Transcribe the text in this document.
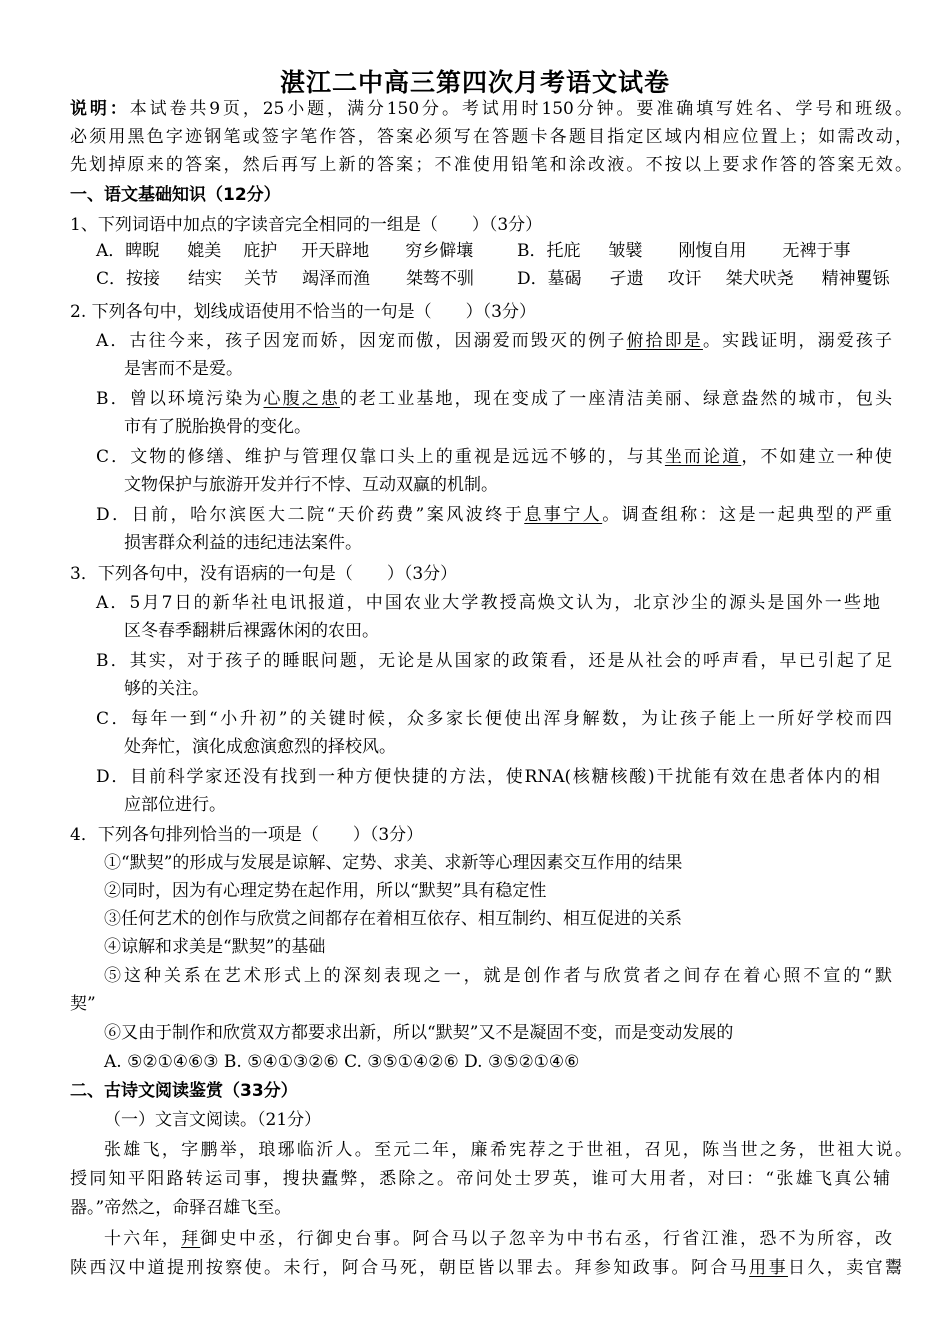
湛江二中高三第四次月考语文试卷
说明：本试卷共9页，25小题，满分150分。考试用时150分钟。要准确填写姓名、学号和班级。
必须用黑色字迹钢笔或签字笔作答，答案必须写在答题卡各题目指定区域内相应位置上；如需改动，
先划掉原来的答案，然后再写上新的答案；不准使用铅笔和涂改液。不按以上要求作答的答案无效。
一、语文基础知识（12分）
1、下列词语中加点的字读音完全相同的一组是（　　）（3分）
A．睥睨 媲美 庇护 开天辟地 穷乡僻壤	B．托庇 皱襞 刚愎自用 无裨于事
C．按接 结实 关节 竭泽而渔 桀骜不驯	D．墓碣 孑遗 攻讦 桀犬吠尧 精神矍铄
2. 下列各句中，划线成语使用不恰当的一句是（　　）（3分）
A．古往今来，孩子因宠而娇，因宠而傲，因溺爱而毁灭的例子俯拾即是。实践证明，溺爱孩子
是害而不是爱。
B．曾以环境污染为心腹之患的老工业基地，现在变成了一座清洁美丽、绿意盎然的城市，包头
市有了脱胎换骨的变化。
C．文物的修缮、维护与管理仅靠口头上的重视是远远不够的，与其坐而论道，不如建立一种使
文物保护与旅游开发并行不悖、互动双赢的机制。
D．日前，哈尔滨医大二院“天价药费”案风波终于息事宁人。调查组称：这是一起典型的严重
损害群众利益的违纪违法案件。
3．下列各句中，没有语病的一句是（　　）（3分）
A．5月7日的新华社电讯报道，中国农业大学教授高焕文认为，北京沙尘的源头是国外一些地
区冬春季翻耕后裸露休闲的农田。
B．其实，对于孩子的睡眠问题，无论是从国家的政策看，还是从社会的呼声看，早已引起了足
够的关注。
C．每年一到“小升初”的关键时候，众多家长便使出浑身解数，为让孩子能上一所好学校而四
处奔忙，演化成愈演愈烈的择校风。
D．目前科学家还没有找到一种方便快捷的方法，使RNA(核糖核酸)干扰能有效在患者体内的相
应部位进行。
4．下列各句排列恰当的一项是（　　）（3分）
①“默契”的形成与发展是谅解、定势、求美、求新等心理因素交互作用的结果
②同时，因为有心理定势在起作用，所以“默契”具有稳定性
③任何艺术的创作与欣赏之间都存在着相互依存、相互制约、相互促进的关系
④谅解和求美是“默契”的基础
⑤这种关系在艺术形式上的深刻表现之一，就是创作者与欣赏者之间存在着心照不宣的“默
契”
⑥又由于制作和欣赏双方都要求出新，所以“默契”又不是凝固不变，而是变动发展的
A. ⑤②①④⑥③ B. ⑤④①③②⑥ C. ③⑤①④②⑥ D. ③⑤②①④⑥
二、古诗文阅读鉴赏（33分）
（一）文言文阅读。（21分）
张雄飞，字鹏举，琅琊临沂人。至元二年，廉希宪荐之于世祖，召见，陈当世之务，世祖大说。
授同知平阳路转运司事，搜抉蠹弊，悉除之。帝问处士罗英，谁可大用者，对曰：“张雄飞真公辅
器。”帝然之，命驿召雄飞至。
十六年，拜御史中丞，行御史台事。阿合马以子忽辛为中书右丞，行省江淮，恐不为所容，改
陕西汉中道提刑按察使。未行，阿合马死，朝臣皆以罪去。拜参知政事。阿合马用事日久，卖官鬻
